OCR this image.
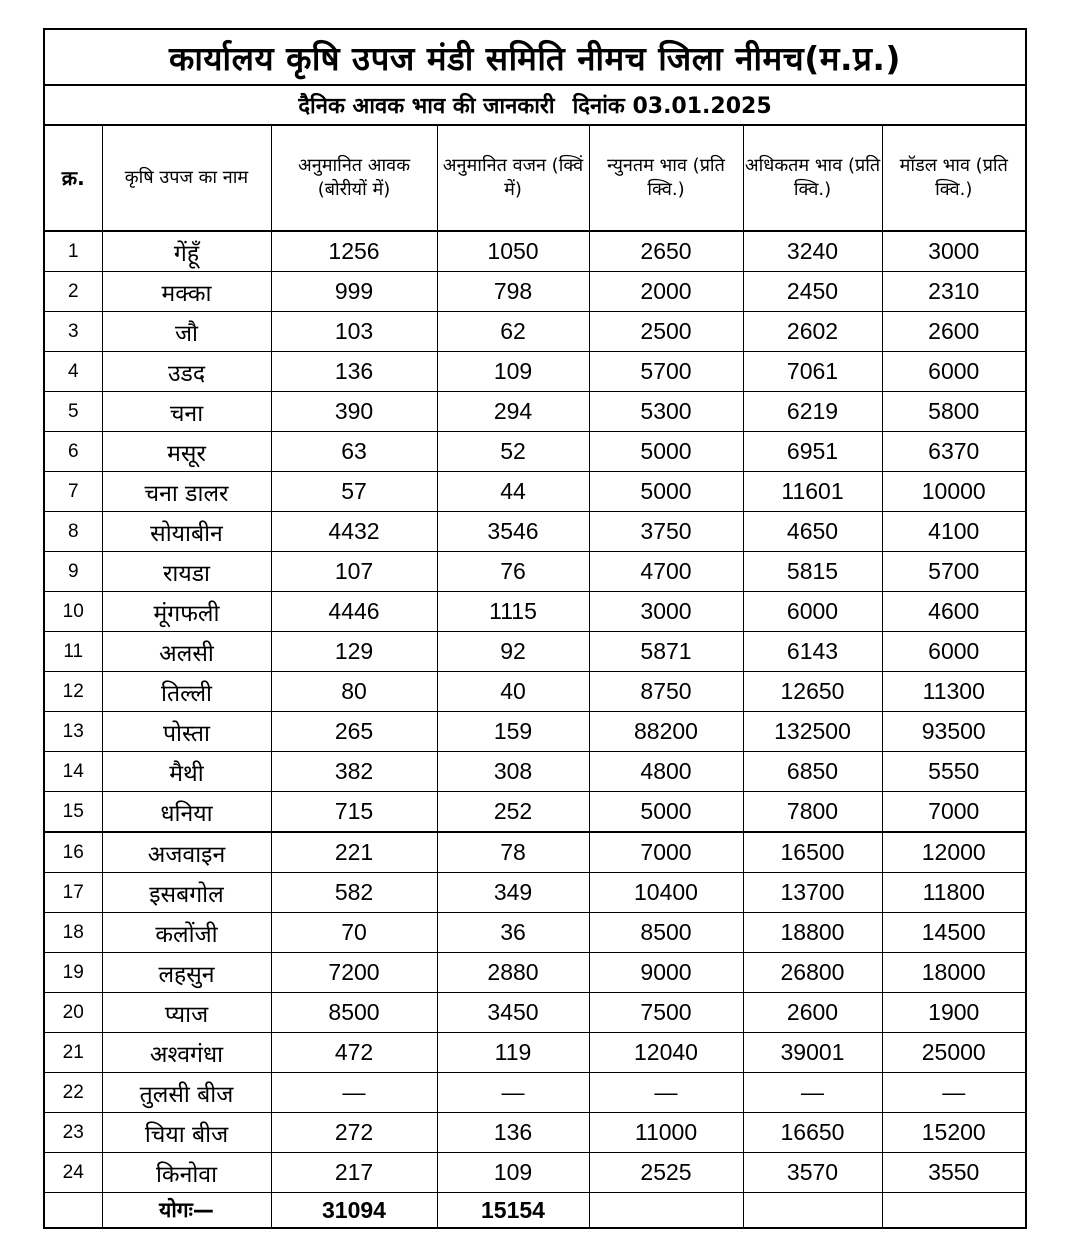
कार्यालय कृषि उपज मंडी समिति नीमच जिला नीमच(म.प्र.)
दैनिक आवक भाव की जानकारी दिनांक 03.01.2025
क्र.	कृषि उपज का नाम	अनुमानित आवक (बोरीयों में)	अनुमानित वजन (क्विं में)	न्युनतम भाव (प्रति क्वि.)	अधिकतम भाव (प्रति क्वि.)	मॉडल भाव (प्रति क्वि.)
1	गेंहूँ	1256	1050	2650	3240	3000
2	मक्का	999	798	2000	2450	2310
3	जौ	103	62	2500	2602	2600
4	उडद	136	109	5700	7061	6000
5	चना	390	294	5300	6219	5800
6	मसूर	63	52	5000	6951	6370
7	चना डालर	57	44	5000	11601	10000
8	सोयाबीन	4432	3546	3750	4650	4100
9	रायडा	107	76	4700	5815	5700
10	मूंगफली	4446	1115	3000	6000	4600
11	अलसी	129	92	5871	6143	6000
12	तिल्ली	80	40	8750	12650	11300
13	पोस्ता	265	159	88200	132500	93500
14	मैथी	382	308	4800	6850	5550
15	धनिया	715	252	5000	7800	7000
16	अजवाइन	221	78	7000	16500	12000
17	इसबगोल	582	349	10400	13700	11800
18	कलोंजी	70	36	8500	18800	14500
19	लहसुन	7200	2880	9000	26800	18000
20	प्याज	8500	3450	7500	2600	1900
21	अश्वगंधा	472	119	12040	39001	25000
22	तुलसी बीज	—	—	—	—	—
23	चिया बीज	272	136	11000	16650	15200
24	किनोवा	217	109	2525	3570	3550
	योगः—	31094	15154			
